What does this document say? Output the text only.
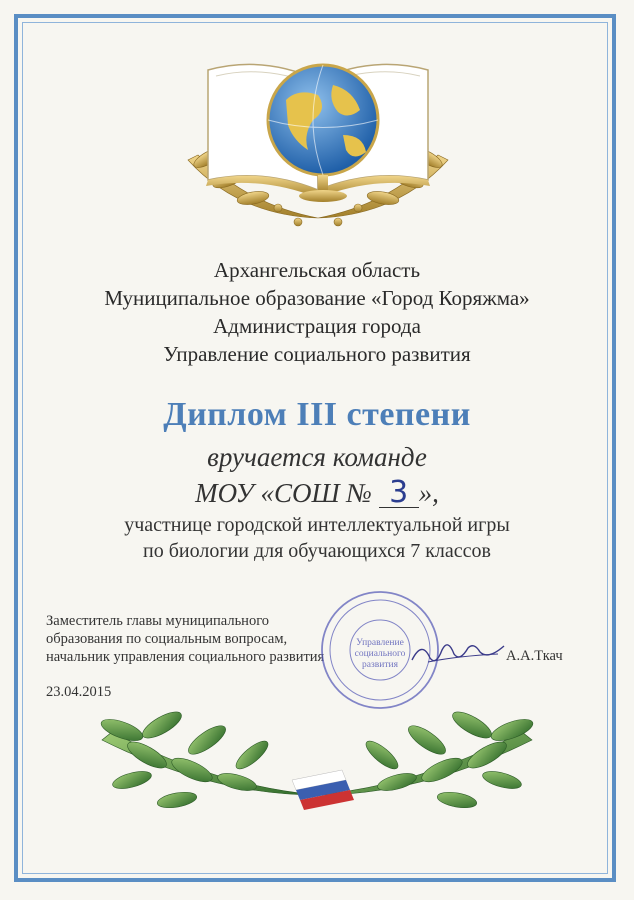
Архангельская область
Муниципальное образование «Город Коряжма»
Администрация города
Управление социального развития
Диплом III степени
вручается команде
МОУ «СОШ № 3 »,
участнице городской интеллектуальной игры
по биологии для обучающихся 7 классов
Заместитель главы муниципального
образования по социальным вопросам,
начальник управления социального развития	А.А.Ткач
23.04.2015
Управление
социального
развития
